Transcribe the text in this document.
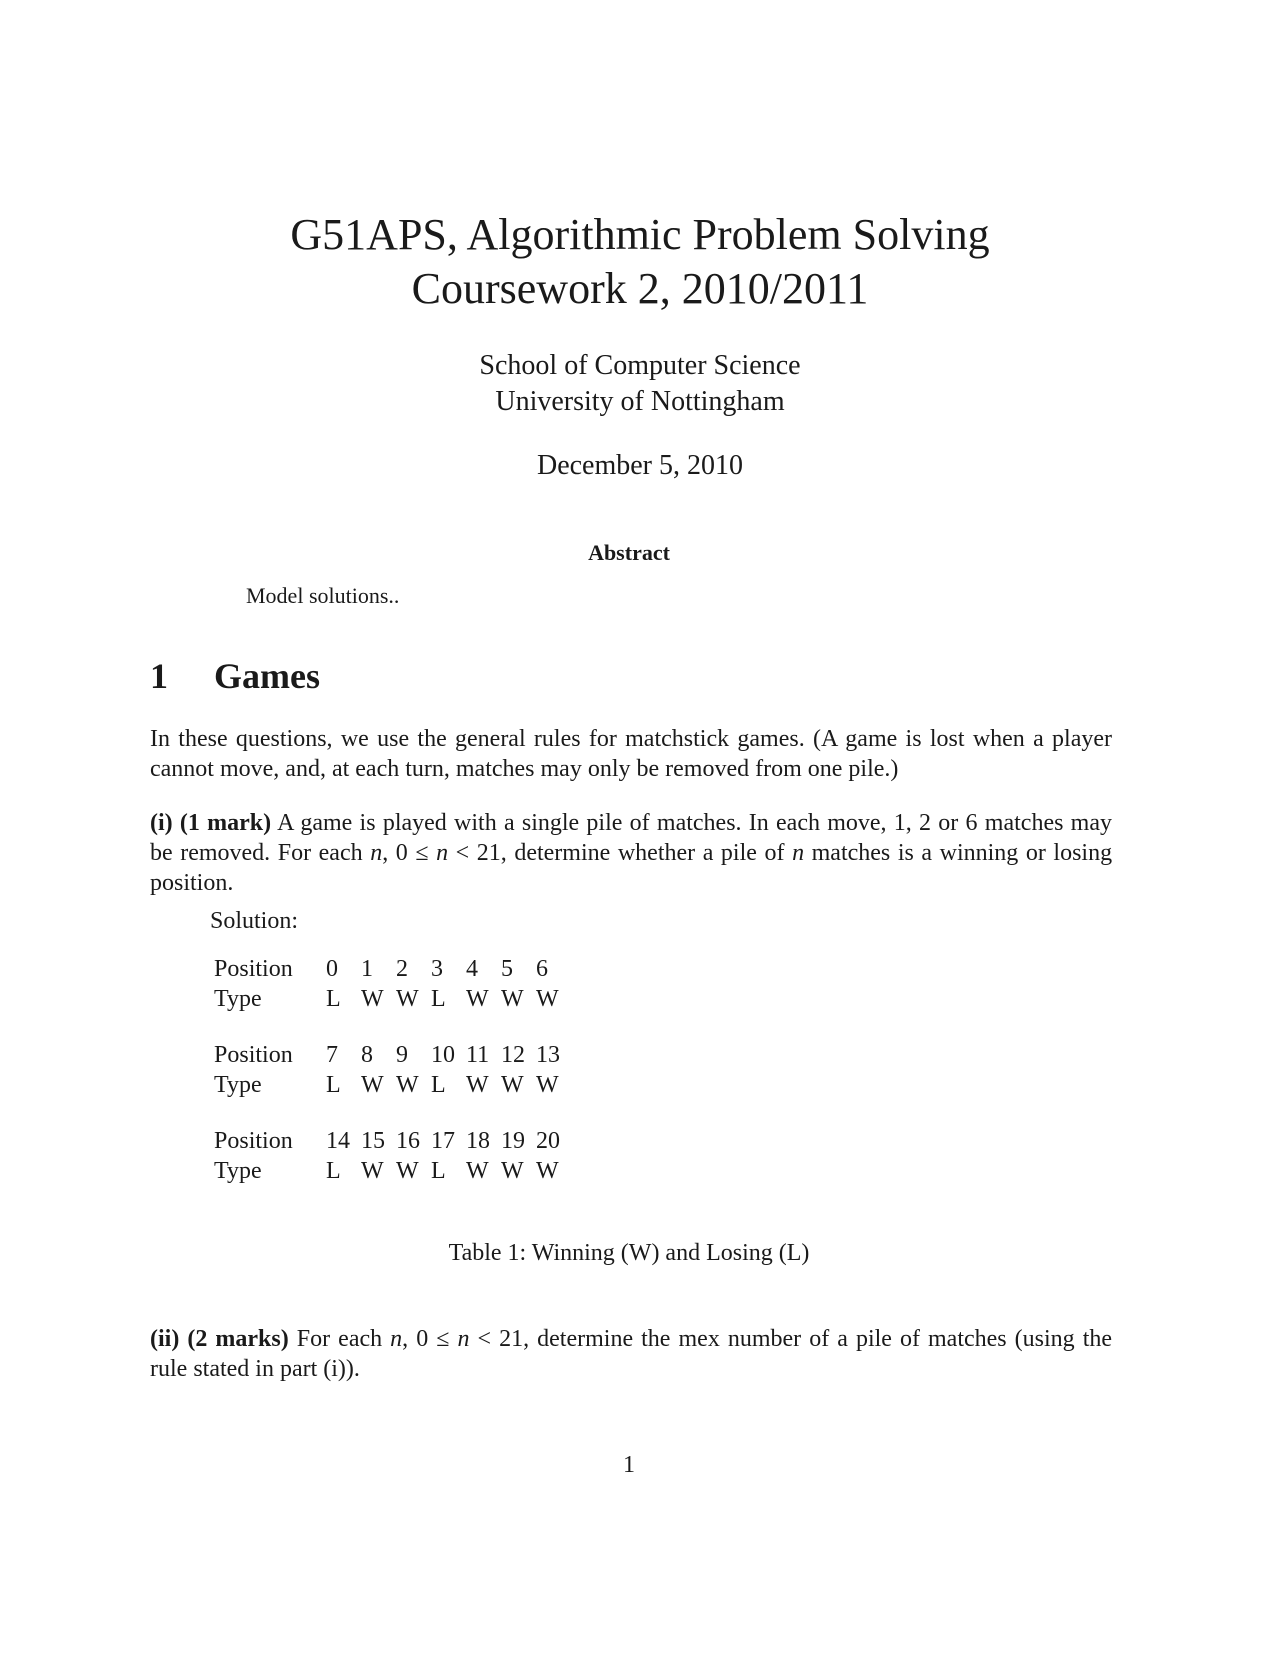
G51APS, Algorithmic Problem Solving
Coursework 2, 2010/2011
School of Computer Science
University of Nottingham
December 5, 2010
Abstract
Model solutions..
1 Games
In these questions, we use the general rules for matchstick games. (A game is lost when a player cannot move, and, at each turn, matches may only be removed from one pile.)
(i) (1 mark) A game is played with a single pile of matches. In each move, 1, 2 or 6 matches may be removed. For each n, 0 ≤ n < 21, determine whether a pile of n matches is a winning or losing position.
Solution:
Position	0 1 2 3 4 5 6
Type	L W W L W W W
Position	7 8 9 10 11 12 13
Type	L W W L W W W
Position	14 15 16 17 18 19 20
Type	L W W L W W W
Table 1: Winning (W) and Losing (L)
(ii) (2 marks) For each n, 0 ≤ n < 21, determine the mex number of a pile of matches (using the rule stated in part (i)).
1
